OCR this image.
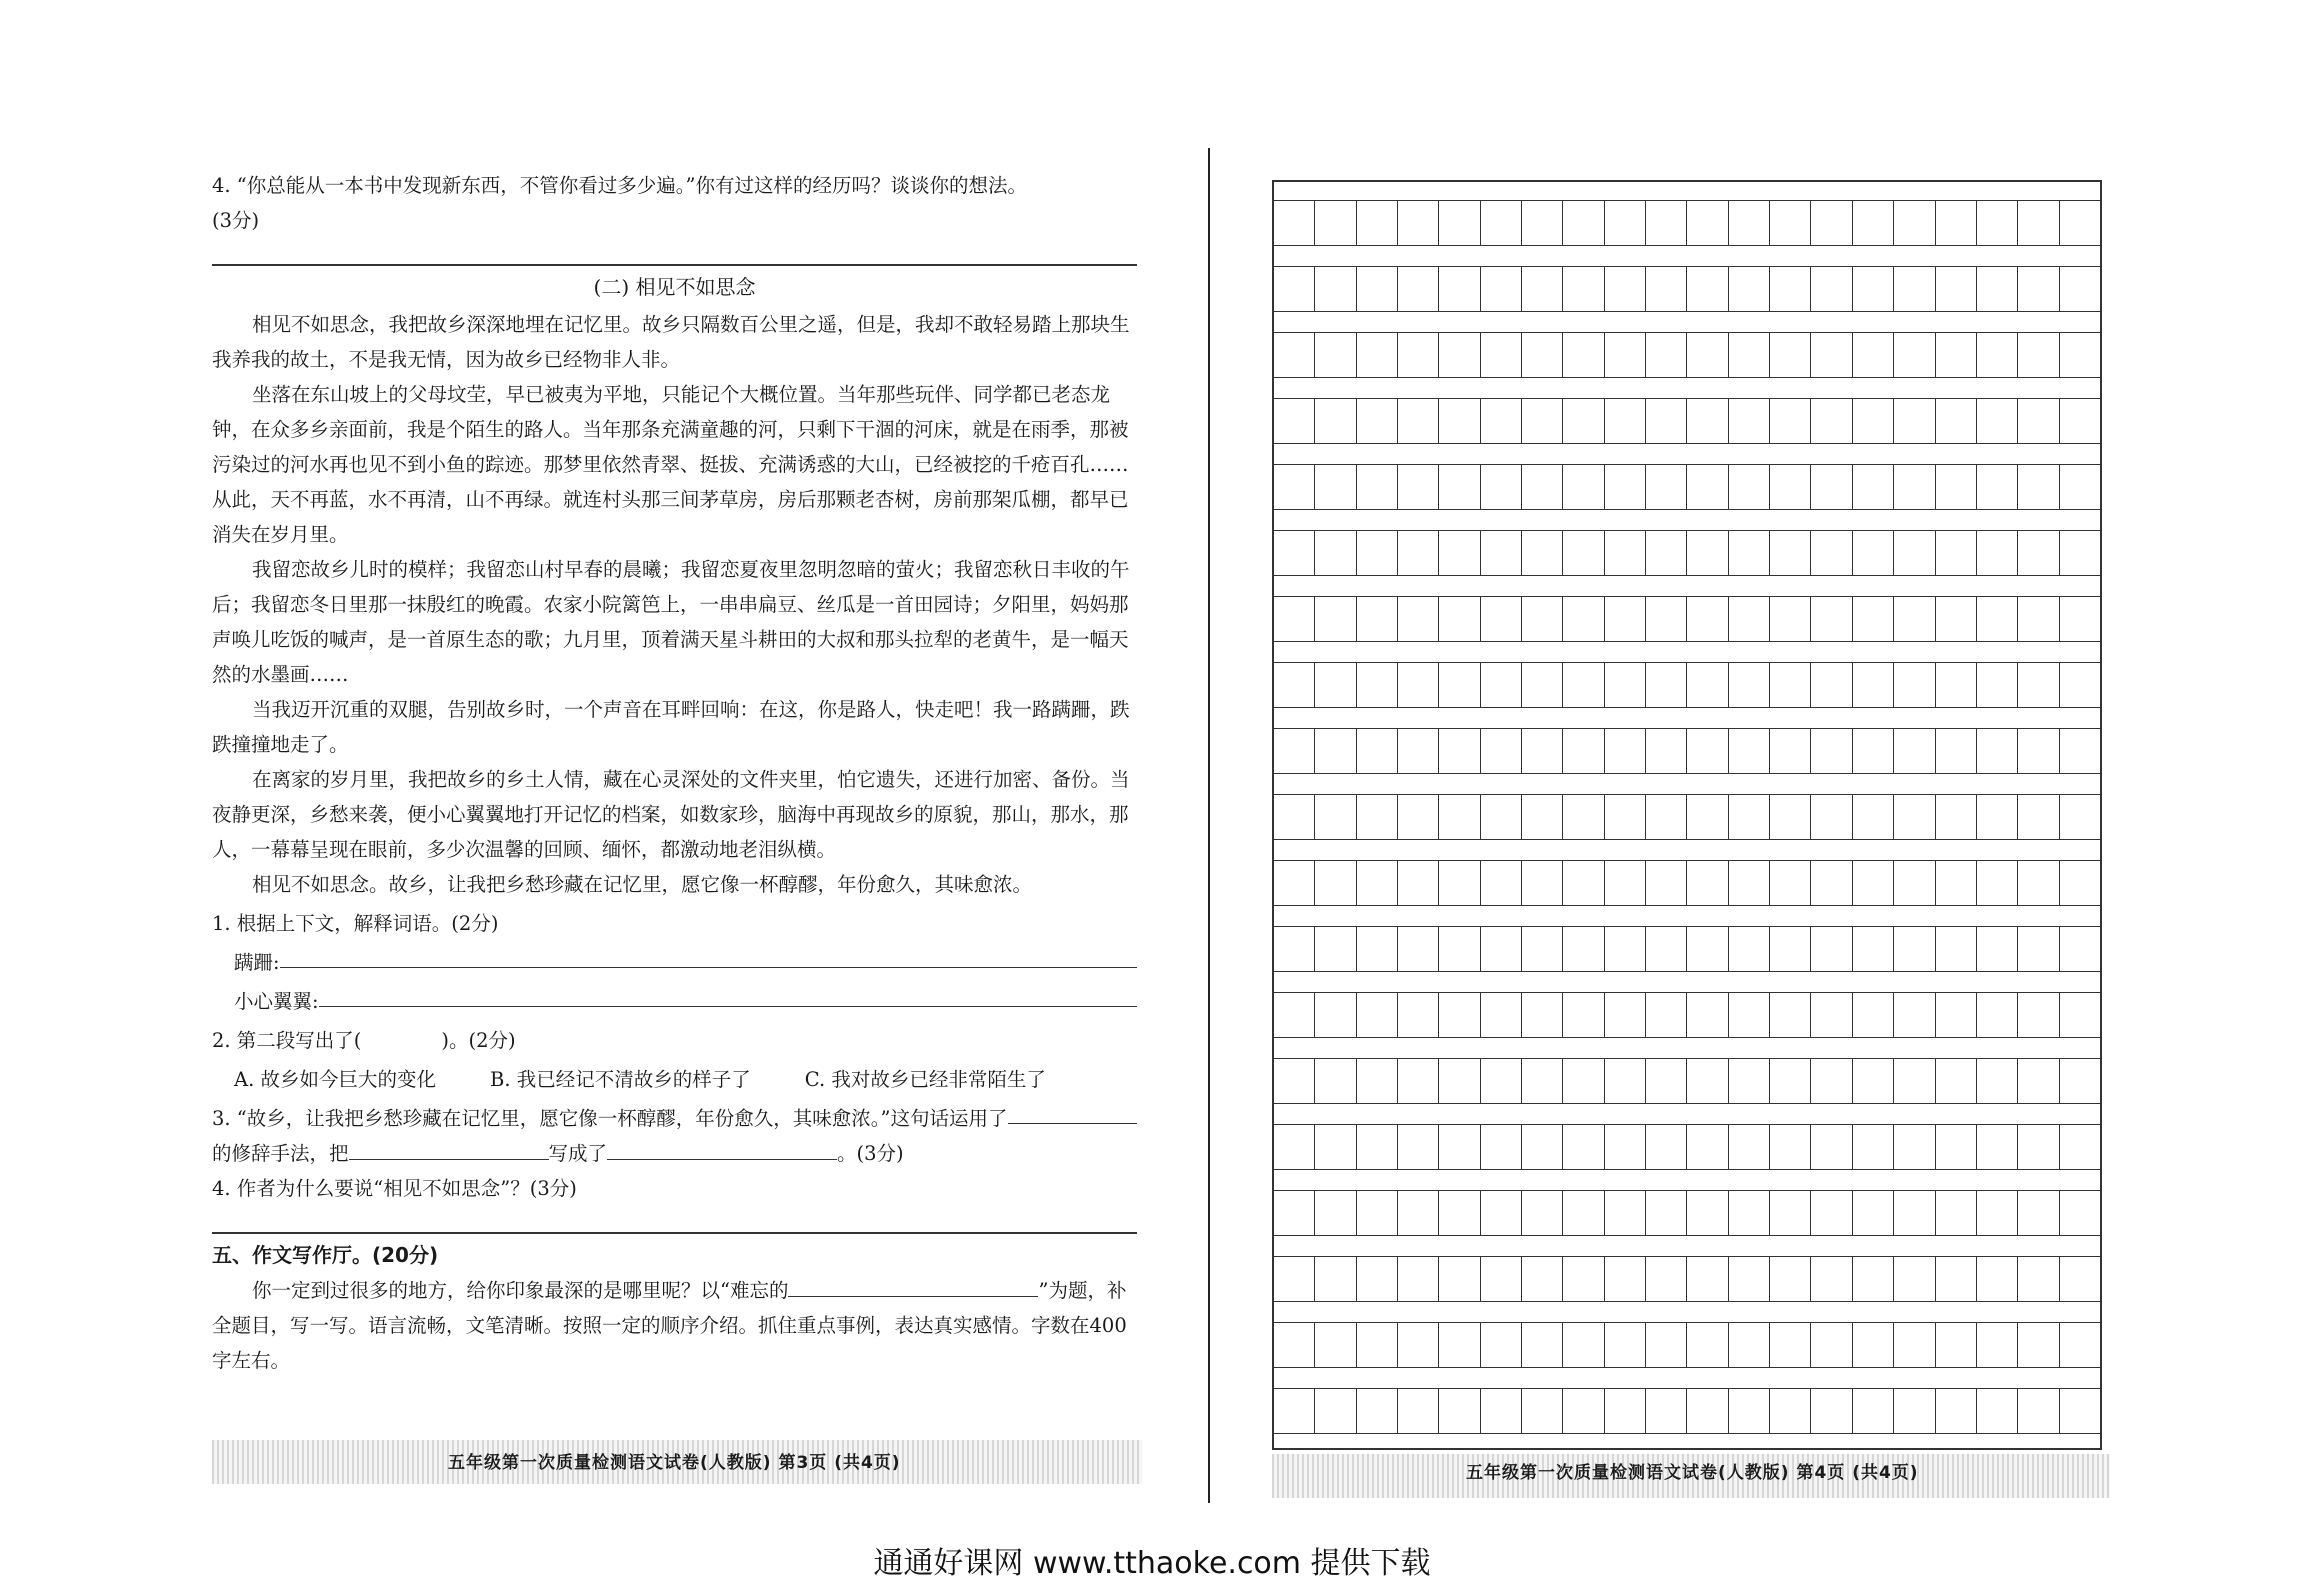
4. “你总能从一本书中发现新东西，不管你看过多少遍。”你有过这样的经历吗？谈谈你的想法。

(3分)

(二) 相见不如思念

相见不如思念，我把故乡深深地埋在记忆里。故乡只隔数百公里之遥，但是，我却不敢轻易踏上那块生我养我的故土，不是我无情，因为故乡已经物非人非。

坐落在东山坡上的父母坟茔，早已被夷为平地，只能记个大概位置。当年那些玩伴、同学都已老态龙钟，在众多乡亲面前，我是个陌生的路人。当年那条充满童趣的河，只剩下干涸的河床，就是在雨季，那被污染过的河水再也见不到小鱼的踪迹。那梦里依然青翠、挺拔、充满诱惑的大山，已经被挖的千疮百孔…… 从此，天不再蓝，水不再清，山不再绿。就连村头那三间茅草房，房后那颗老杏树，房前那架瓜棚，都早已消失在岁月里。

我留恋故乡儿时的模样；我留恋山村早春的晨曦；我留恋夏夜里忽明忽暗的萤火；我留恋秋日丰收的午后；我留恋冬日里那一抹殷红的晚霞。农家小院篱笆上，一串串扁豆、丝瓜是一首田园诗；夕阳里，妈妈那声唤儿吃饭的喊声，是一首原生态的歌；九月里，顶着满天星斗耕田的大叔和那头拉犁的老黄牛，是一幅天然的水墨画……

当我迈开沉重的双腿，告别故乡时，一个声音在耳畔回响：在这，你是路人，快走吧！我一路蹒跚，跌跌撞撞地走了。

在离家的岁月里，我把故乡的乡土人情，藏在心灵深处的文件夹里，怕它遗失，还进行加密、备份。当夜静更深，乡愁来袭，便小心翼翼地打开记忆的档案，如数家珍，脑海中再现故乡的原貌，那山，那水，那人，一幕幕呈现在眼前，多少次温馨的回顾、缅怀，都激动地老泪纵横。

相见不如思念。故乡，让我把乡愁珍藏在记忆里，愿它像一杯醇醪，年份愈久，其味愈浓。

1. 根据上下文，解释词语。(2分)

蹒跚:
小心翼翼:

2. 第二段写出了(	)。(2分)

A. 故乡如今巨大的变化	B. 我已经记不清故乡的样子了	C. 我对故乡已经非常陌生了
3. “故乡，让我把乡愁珍藏在记忆里，愿它像一杯醇醪，年份愈久，其味愈浓。”这句话运用了

的修辞手法，把	写成了	。(3分)

4. 作者为什么要说“相见不如思念”？(3分)

五、作文写作厅。(20分)

你一定到过很多的地方，给你印象最深的是哪里呢？以“难忘的	”为题，补全题目，写一写。语言流畅，文笔清晰。按照一定的顺序介绍。抓住重点事例，表达真实感情。字数在400字左右。

五年级第一次质量检测语文试卷(人教版) 第3页 (共4页)	五年级第一次质量检测语文试卷(人教版) 第4页 (共4页)
通通好课网 www.tthaoke.com 提供下载
